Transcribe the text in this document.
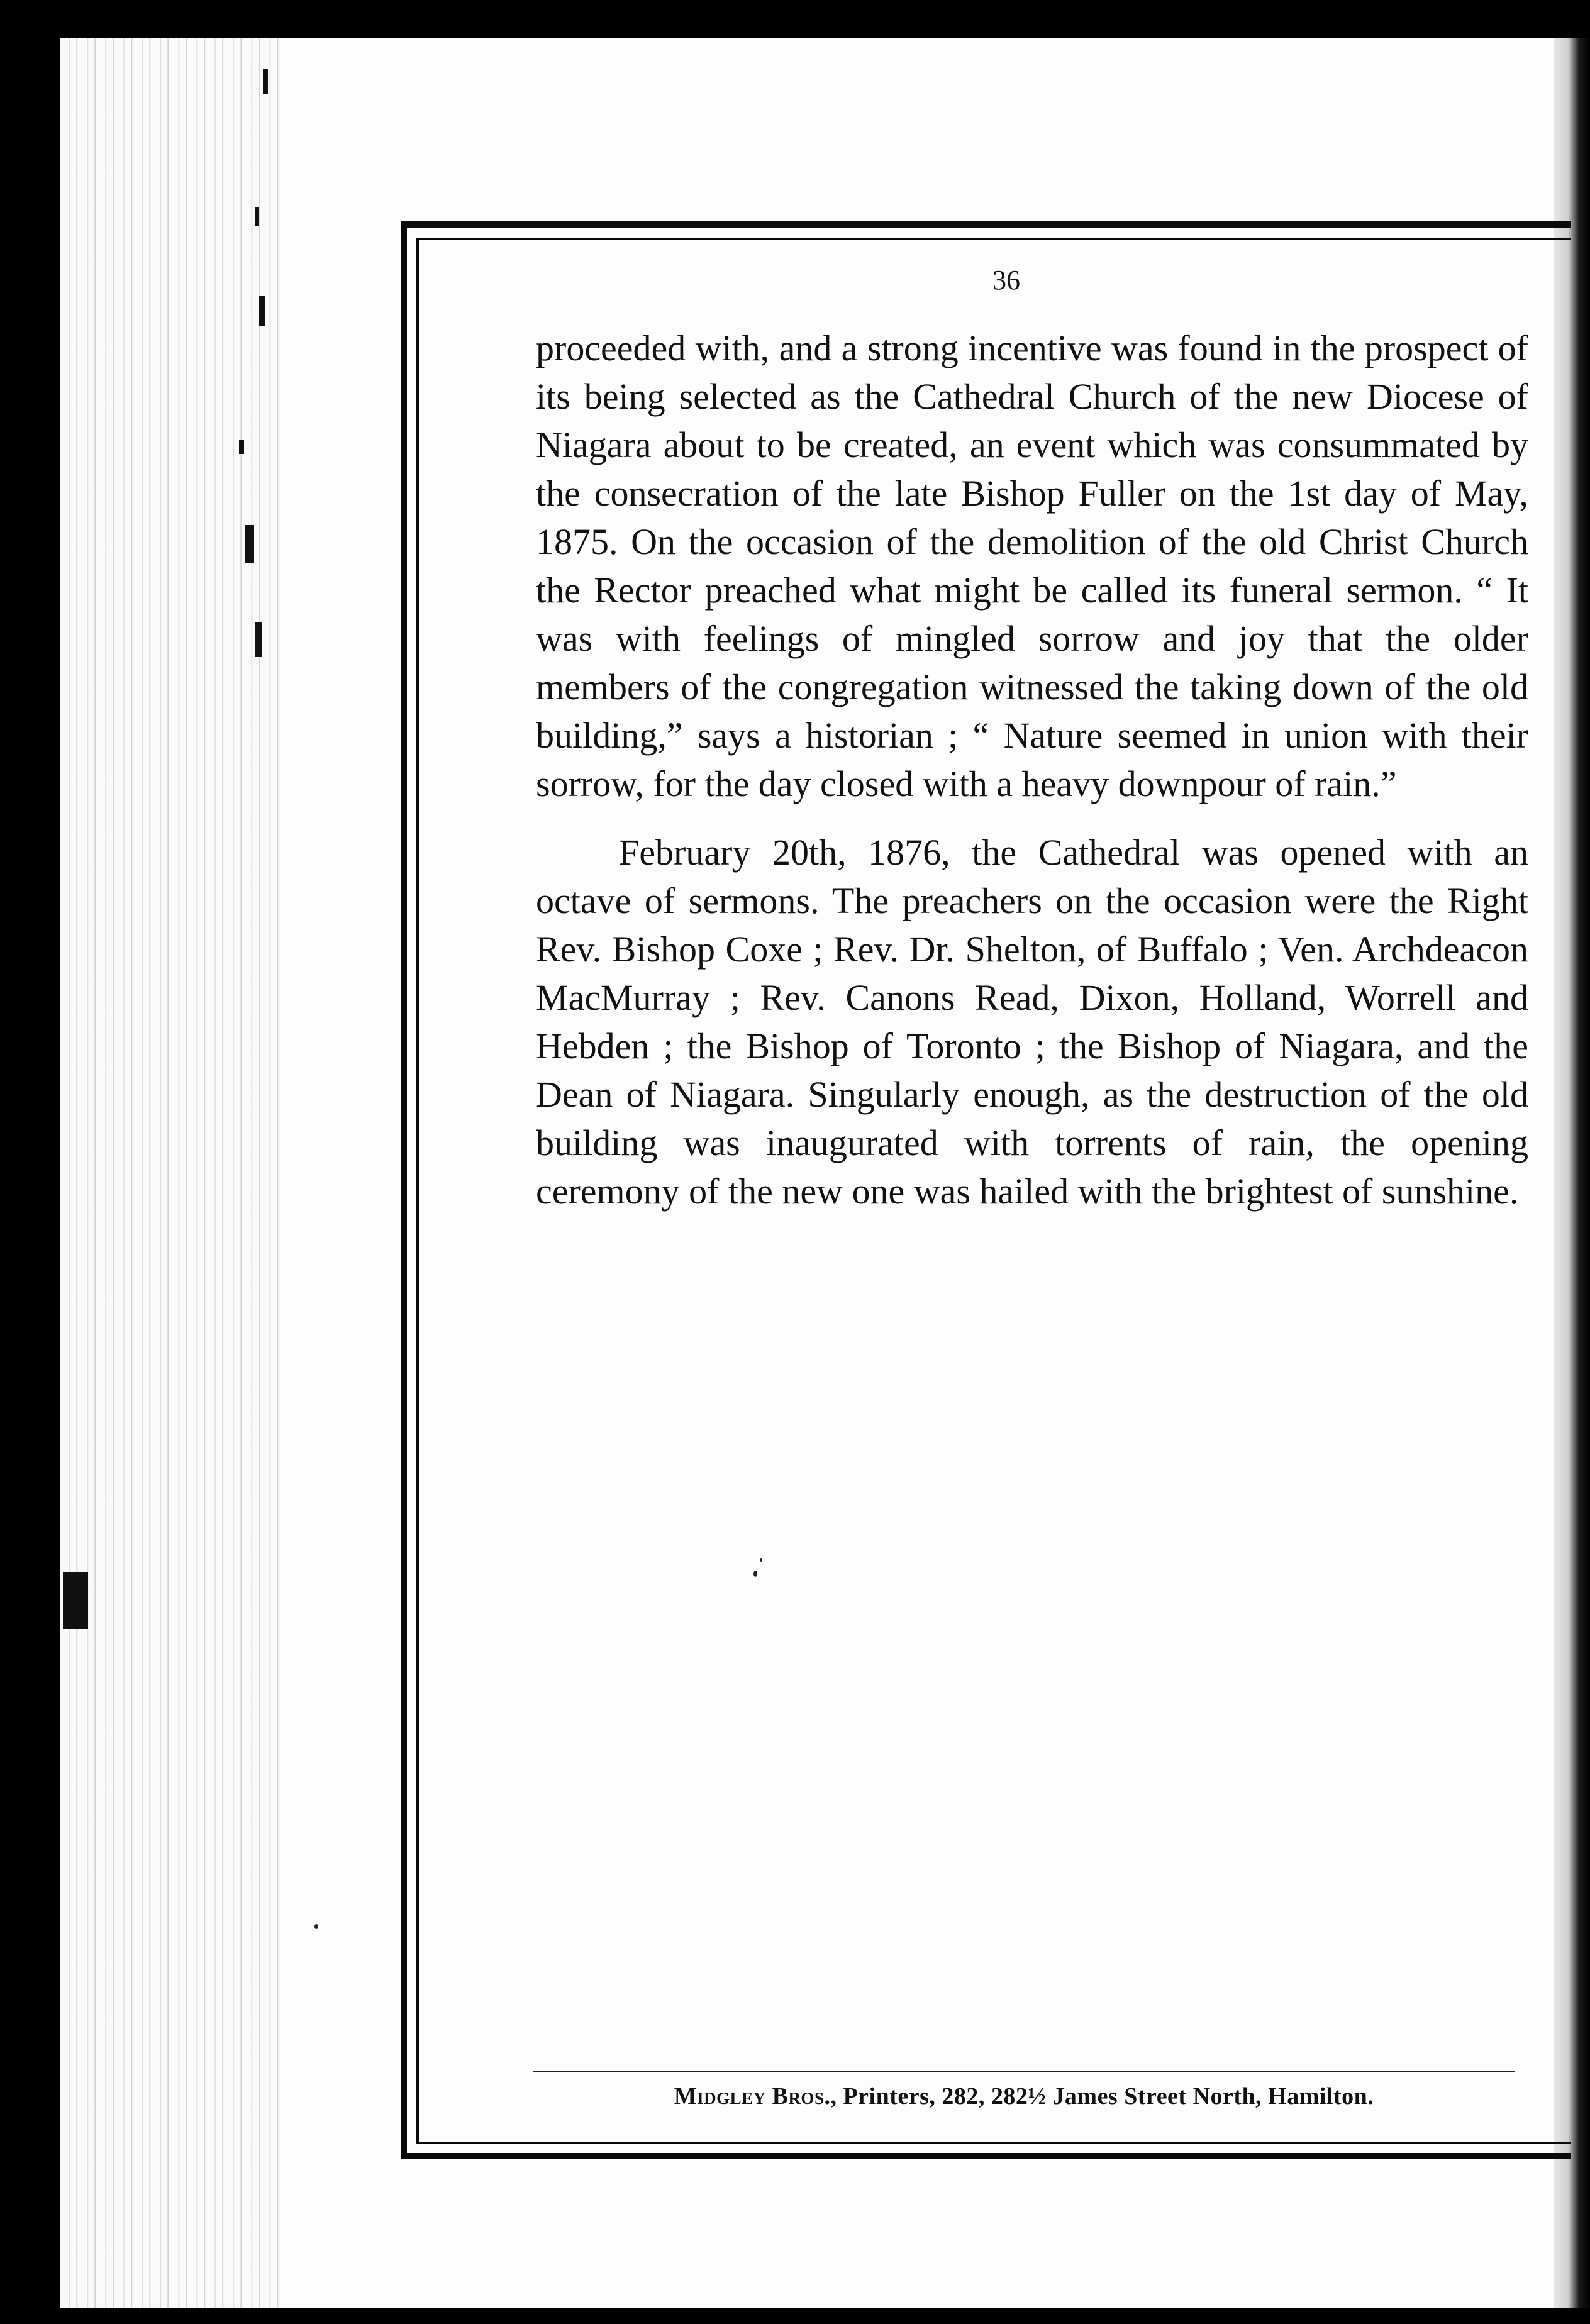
36

proceeded with, and a strong incentive was found in the prospect of its being selected as the Cathedral Church of the new Diocese of Niagara about to be created, an event which was consummated by the consecration of the late Bishop Fuller on the 1st day of May, 1875. On the occasion of the demolition of the old Christ Church the Rector preached what might be called its funeral sermon. “ It was with feelings of mingled sorrow and joy that the older members of the congregation witnessed the taking down of the old building,” says a historian ; “ Nature seemed in union with their sorrow, for the day closed with a heavy downpour of rain.”

February 20th, 1876, the Cathedral was opened with an octave of sermons. The preachers on the occasion were the Right Rev. Bishop Coxe ; Rev. Dr. Shelton, of Buffalo ; Ven. Archdeacon MacMurray ; Rev. Canons Read, Dixon, Holland, Worrell and Hebden ; the Bishop of Toronto ; the Bishop of Niagara, and the Dean of Niagara. Singularly enough, as the destruction of the old building was inaugurated with torrents of rain, the opening ceremony of the new one was hailed with the brightest of sunshine.

Midgley Bros., Printers, 282, 282½ James Street North, Hamilton.
